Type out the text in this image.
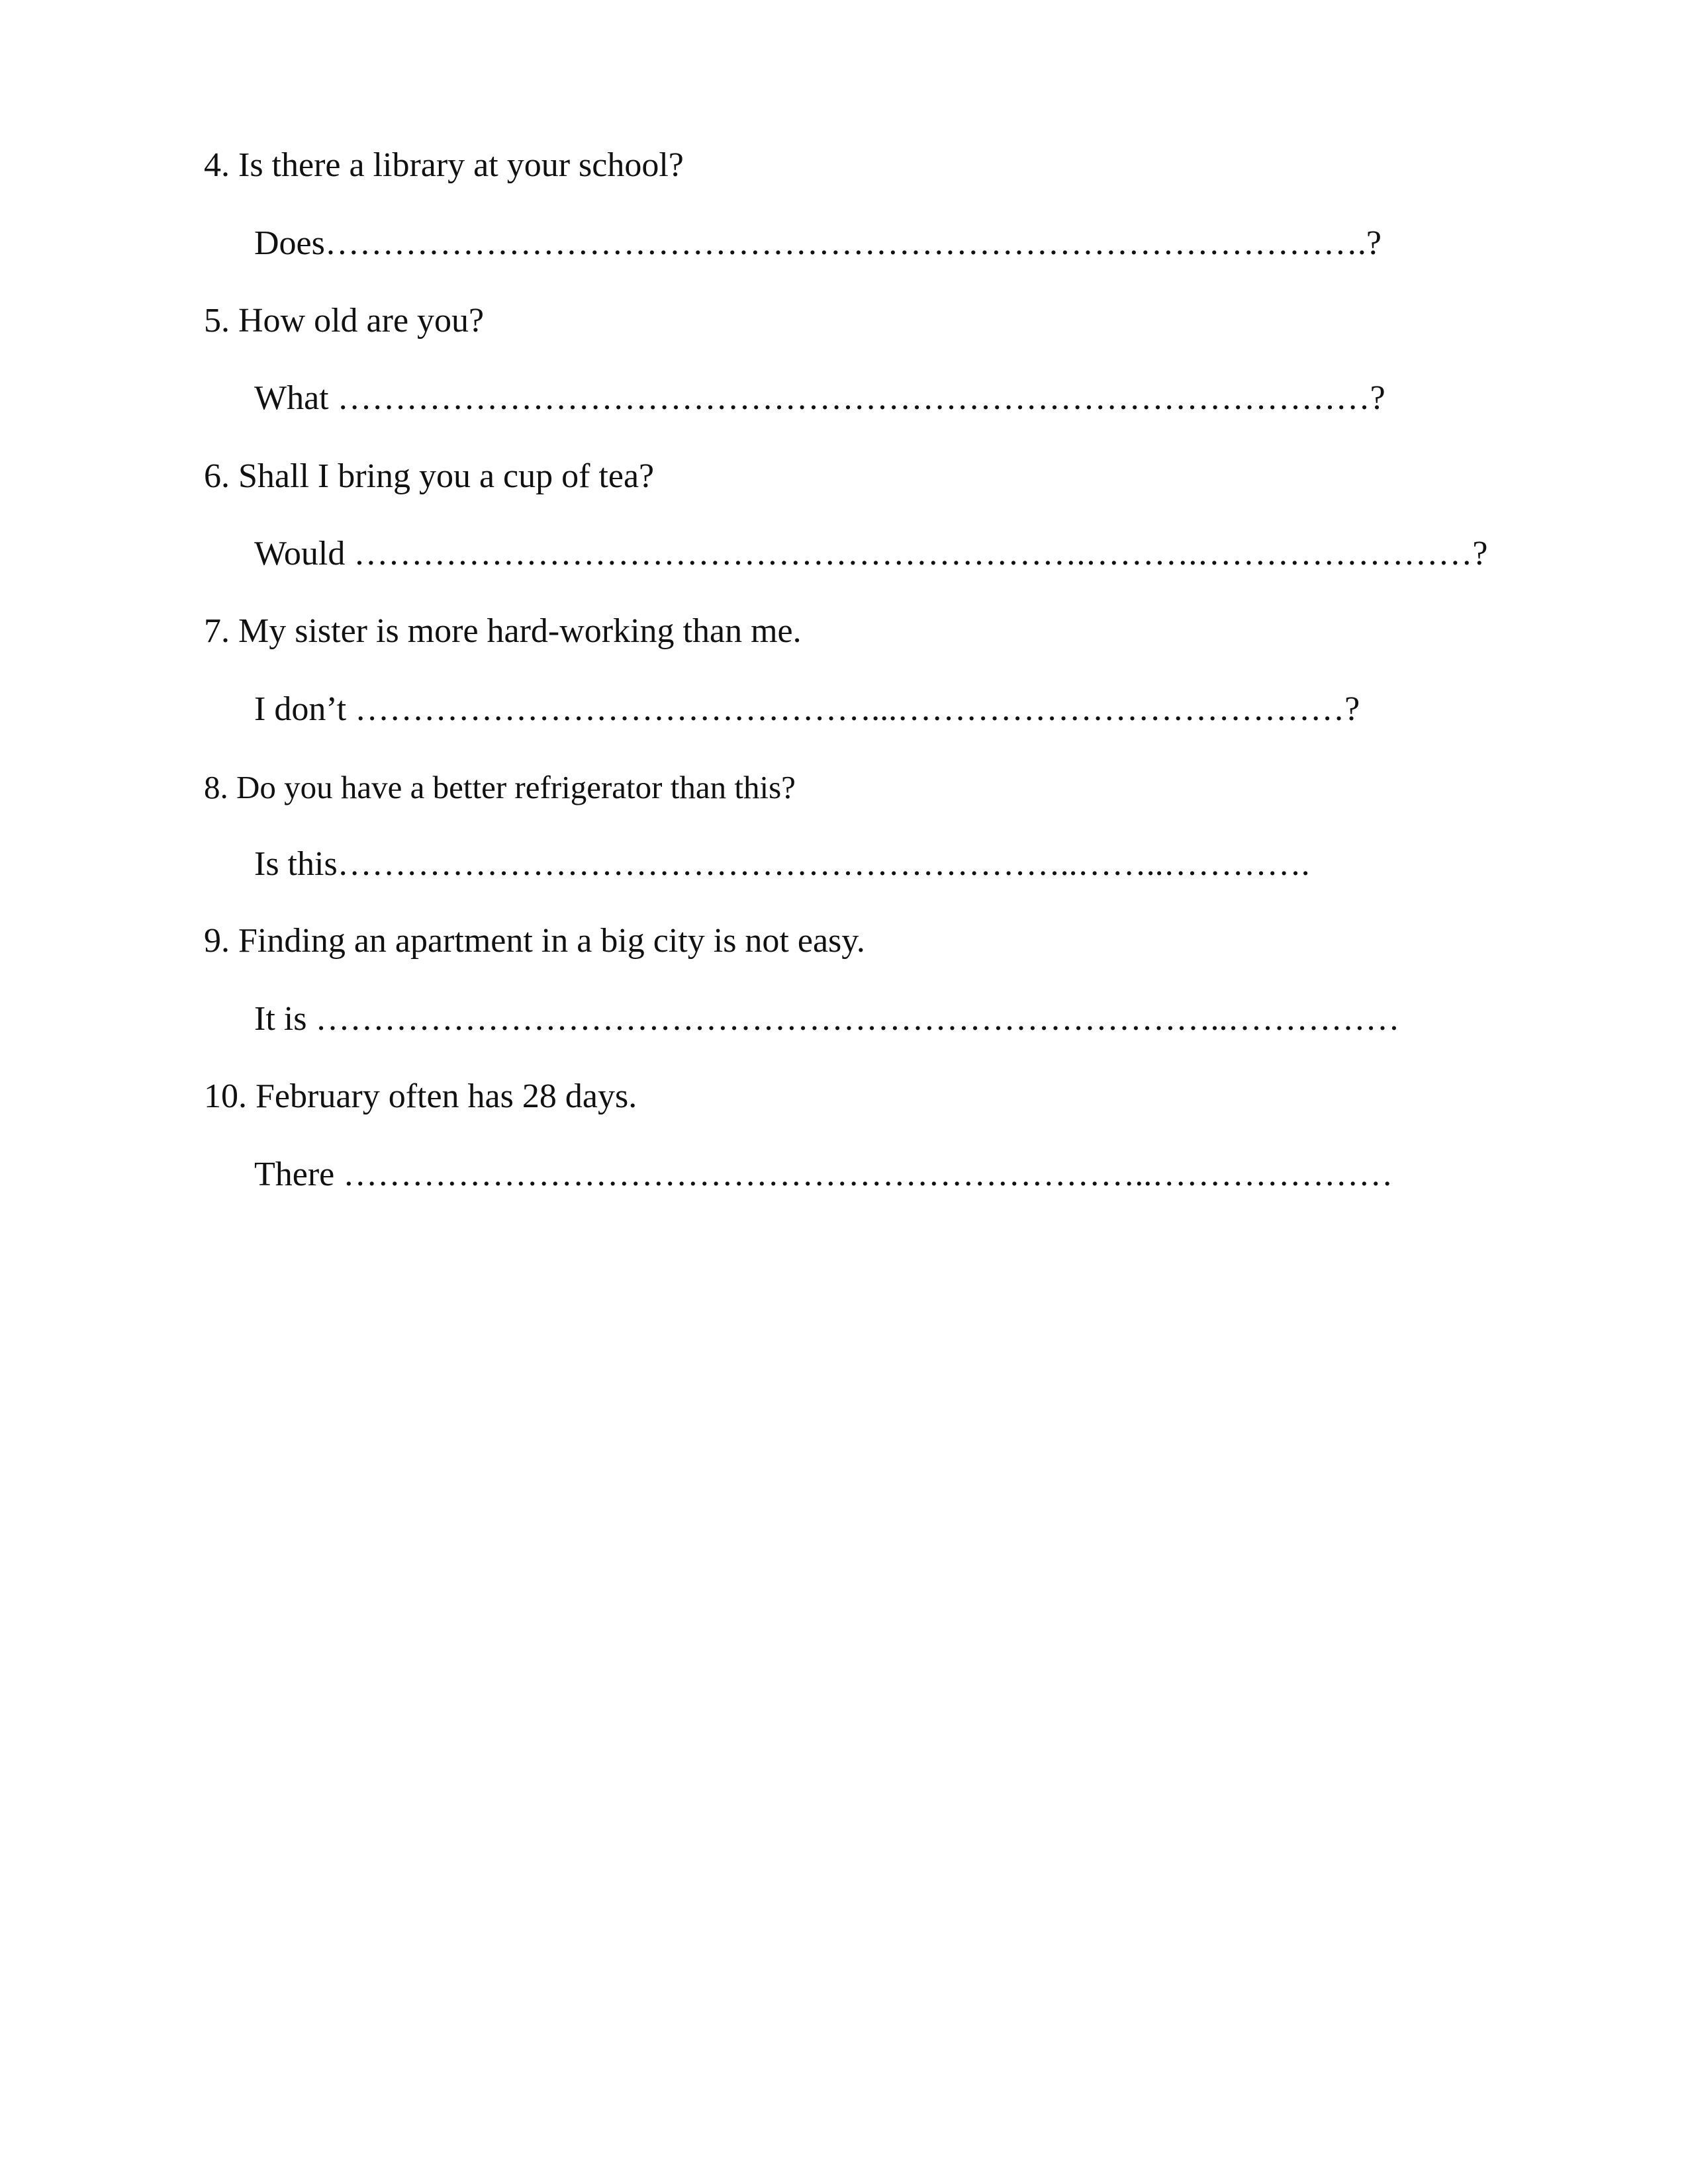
4. Is there a library at your school?
Does……………………………………………………………………………….?
5. How old are you?
What ………………………………………………………………………………?
6. Shall I bring you a cup of tea?
Would ……………………………………………………….……….……………………?
7. My sister is more hard-working than me.
I don’t ………………………………………...…………………………………?
8. Do you have a better refrigerator than this?
Is this………………………………………………………..……..………….
9. Finding an apartment in a big city is not easy.
It is ……………………………………………………………………..……………
10. February often has 28 days.
There ……………………………………………………………..…………………
